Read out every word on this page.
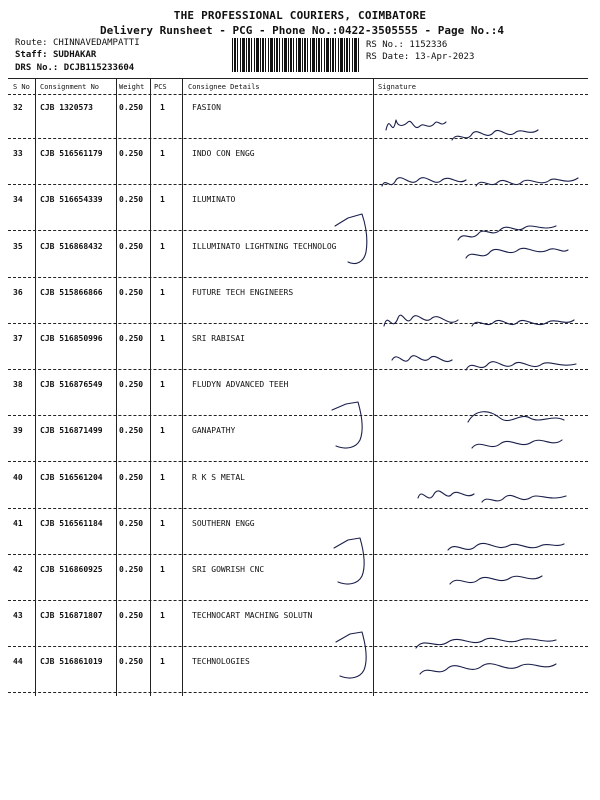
THE PROFESSIONAL COURIERS, COIMBATORE
Delivery Runsheet - PCG - Phone No.:0422-3505555 - Page No.:4
Route: CHINNAVEDAMPATTI
Staff: SUDHAKAR
DRS No.: DCJB115233604
RS No.: 1152336
RS Date: 13-Apr-2023
S No Consignment No	Weight PCS	Consignee Details	Signature
32 CJB 1320573	0.250 1	FASION
33 CJB 516561179 0.250 1	INDO CON ENGG
34 CJB 516654339 0.250 1	ILUMINATO
35 CJB 516868432 0.250 1	ILLUMINATO LIGHTNING TECHNOLOG
36 CJB 515866866 0.250 1	FUTURE TECH ENGINEERS
37 CJB 516850996 0.250 1	SRI RABISAI
38 CJB 516876549 0.250 1	FLUDYN ADVANCED TEEH
39 CJB 516871499 0.250 1	GANAPATHY
40 CJB 516561204 0.250 1	R K S METAL
41 CJB 516561184 0.250 1	SOUTHERN ENGG
42 CJB 516860925 0.250 1	SRI GOWRISH CNC
43 CJB 516871807 0.250 1	TECHNOCART MACHING SOLUTN
44 CJB 516861019 0.250 1	TECHNOLOGIES
